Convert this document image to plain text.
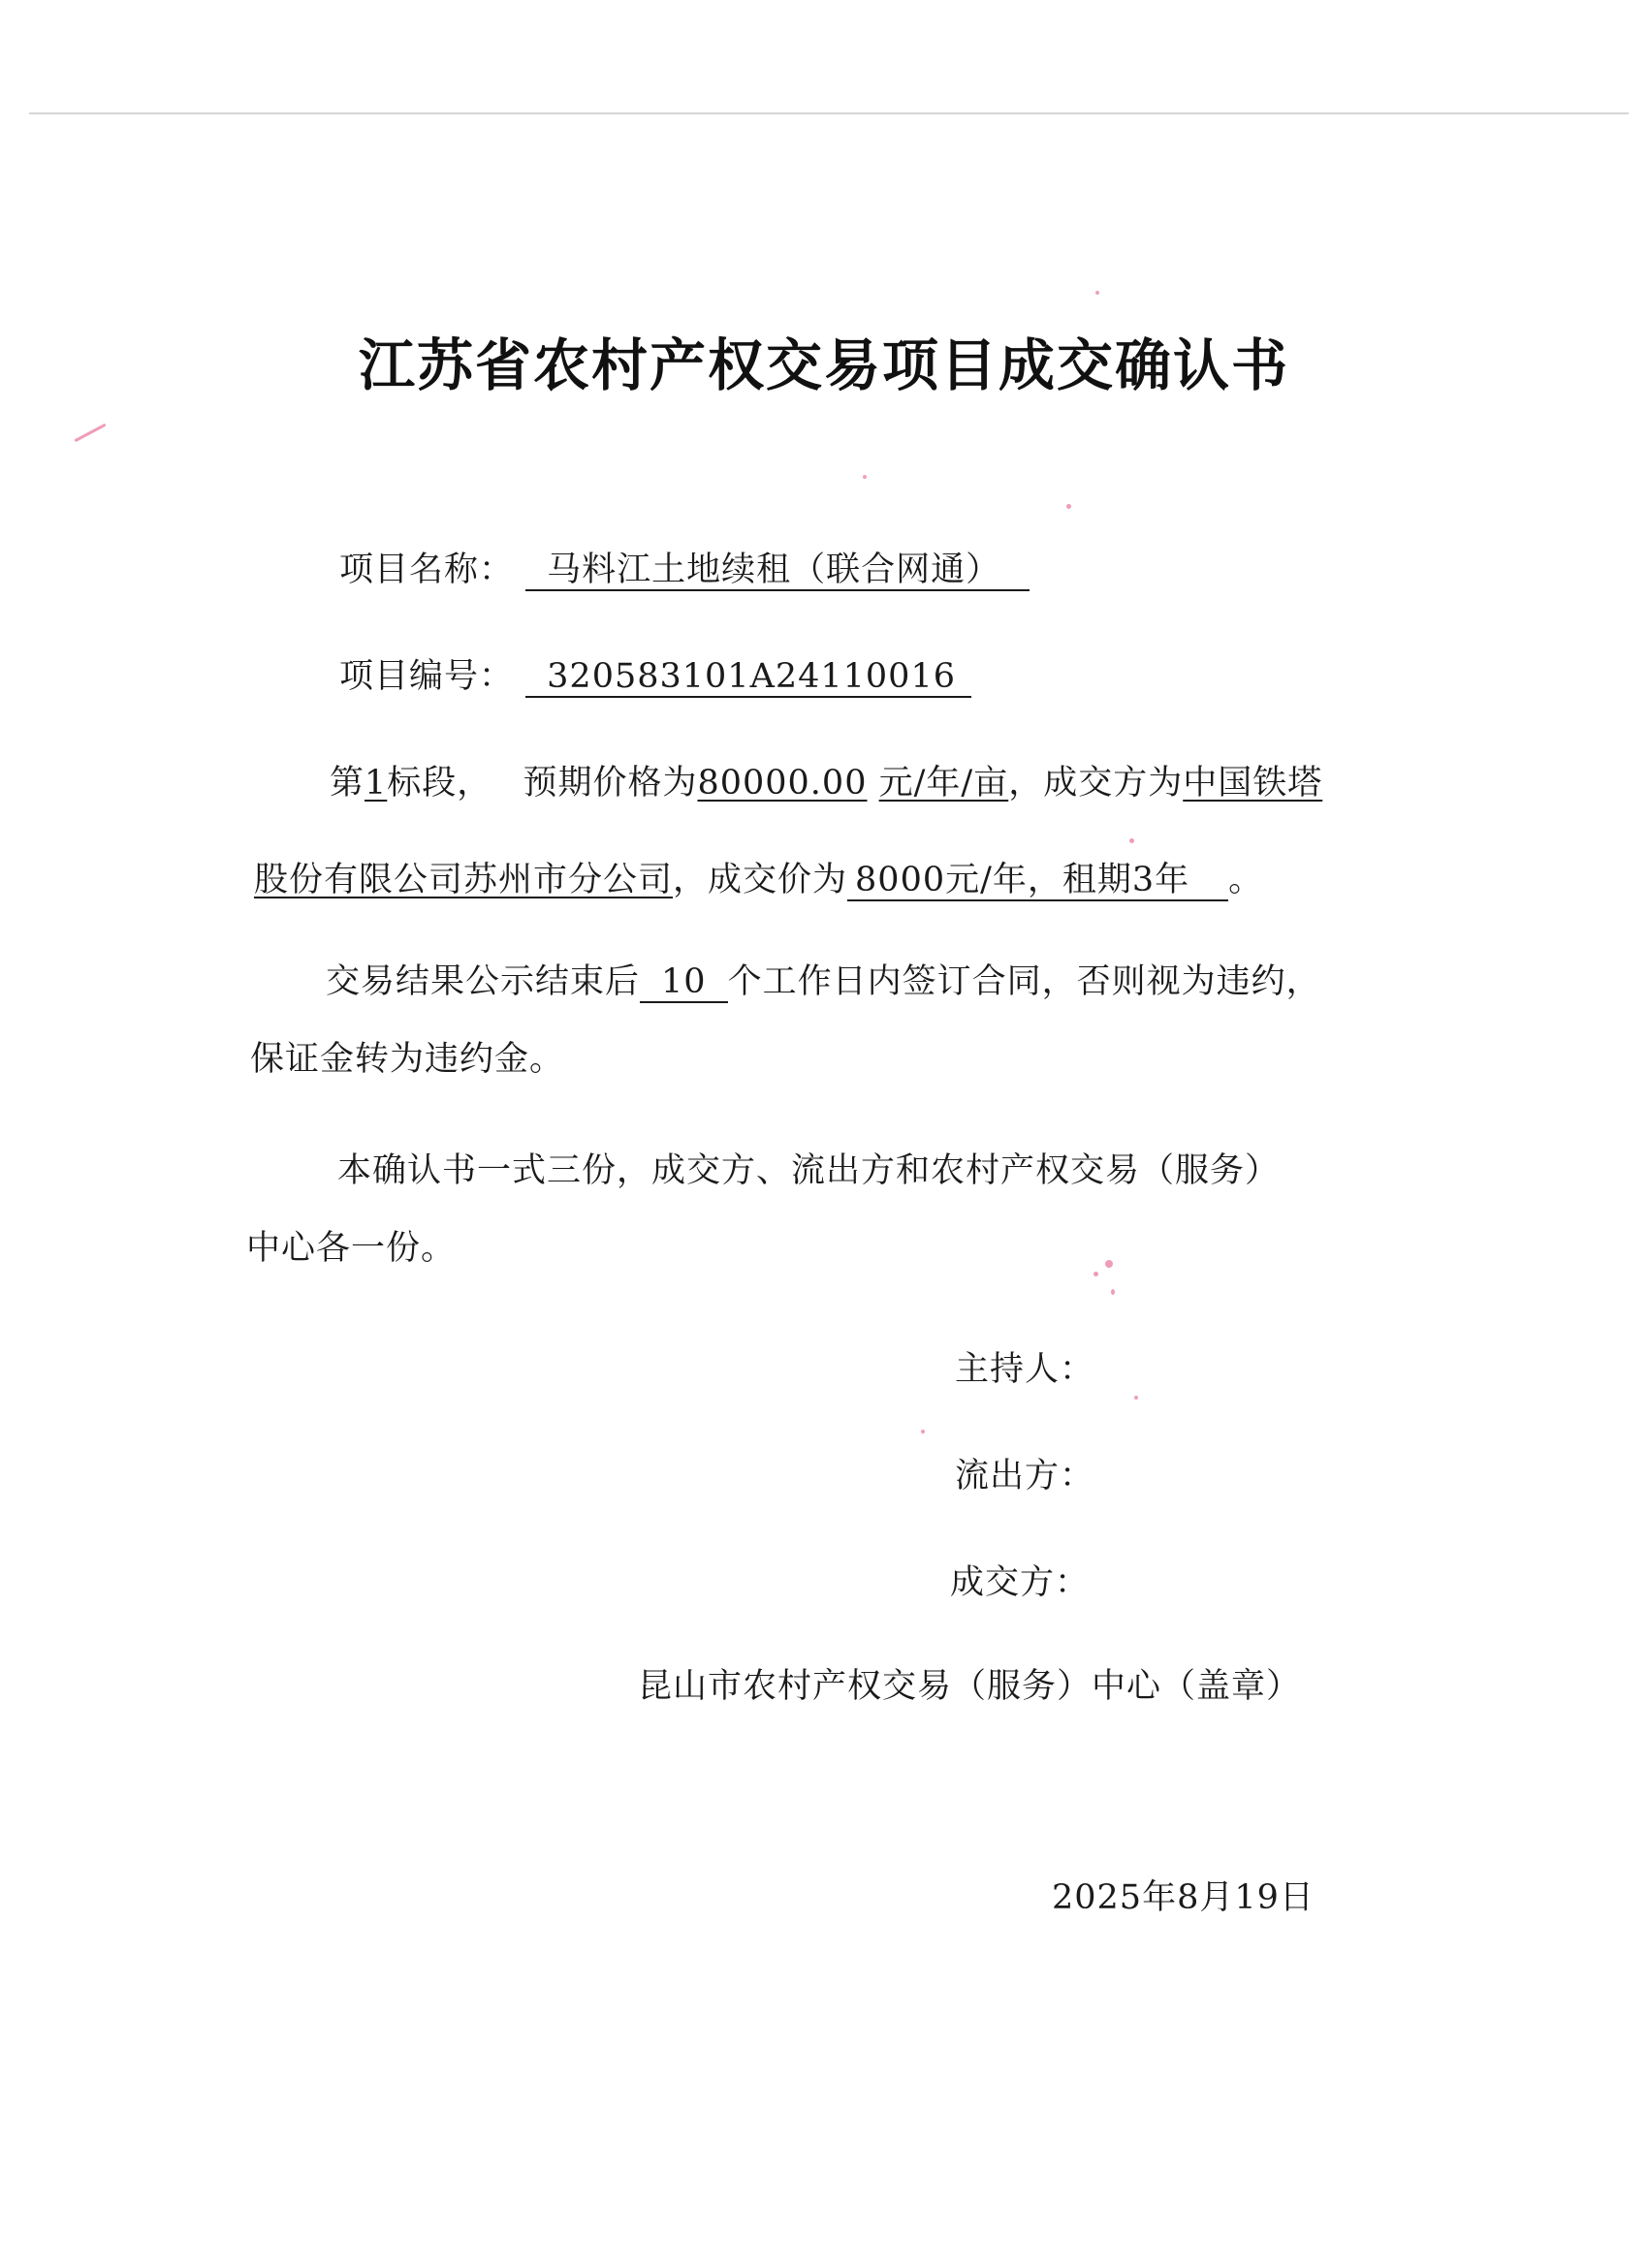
江苏省农村产权交易项目成交确认书
项目名称： 马料江土地续租（联合网通）
项目编号： 320583101A24110016
第1标段， 预期价格为80000.00 元/年/亩，成交方为中国铁塔
股份有限公司苏州市分公司，成交价为 8000元/年，租期3年 。
交易结果公示结束后 10 个工作日内签订合同，否则视为违约，
保证金转为违约金。
本确认书一式三份，成交方、流出方和农村产权交易（服务）
中心各一份。
主持人：
流出方：
成交方：
昆山市农村产权交易（服务）中心（盖章）
2025年8月19日
